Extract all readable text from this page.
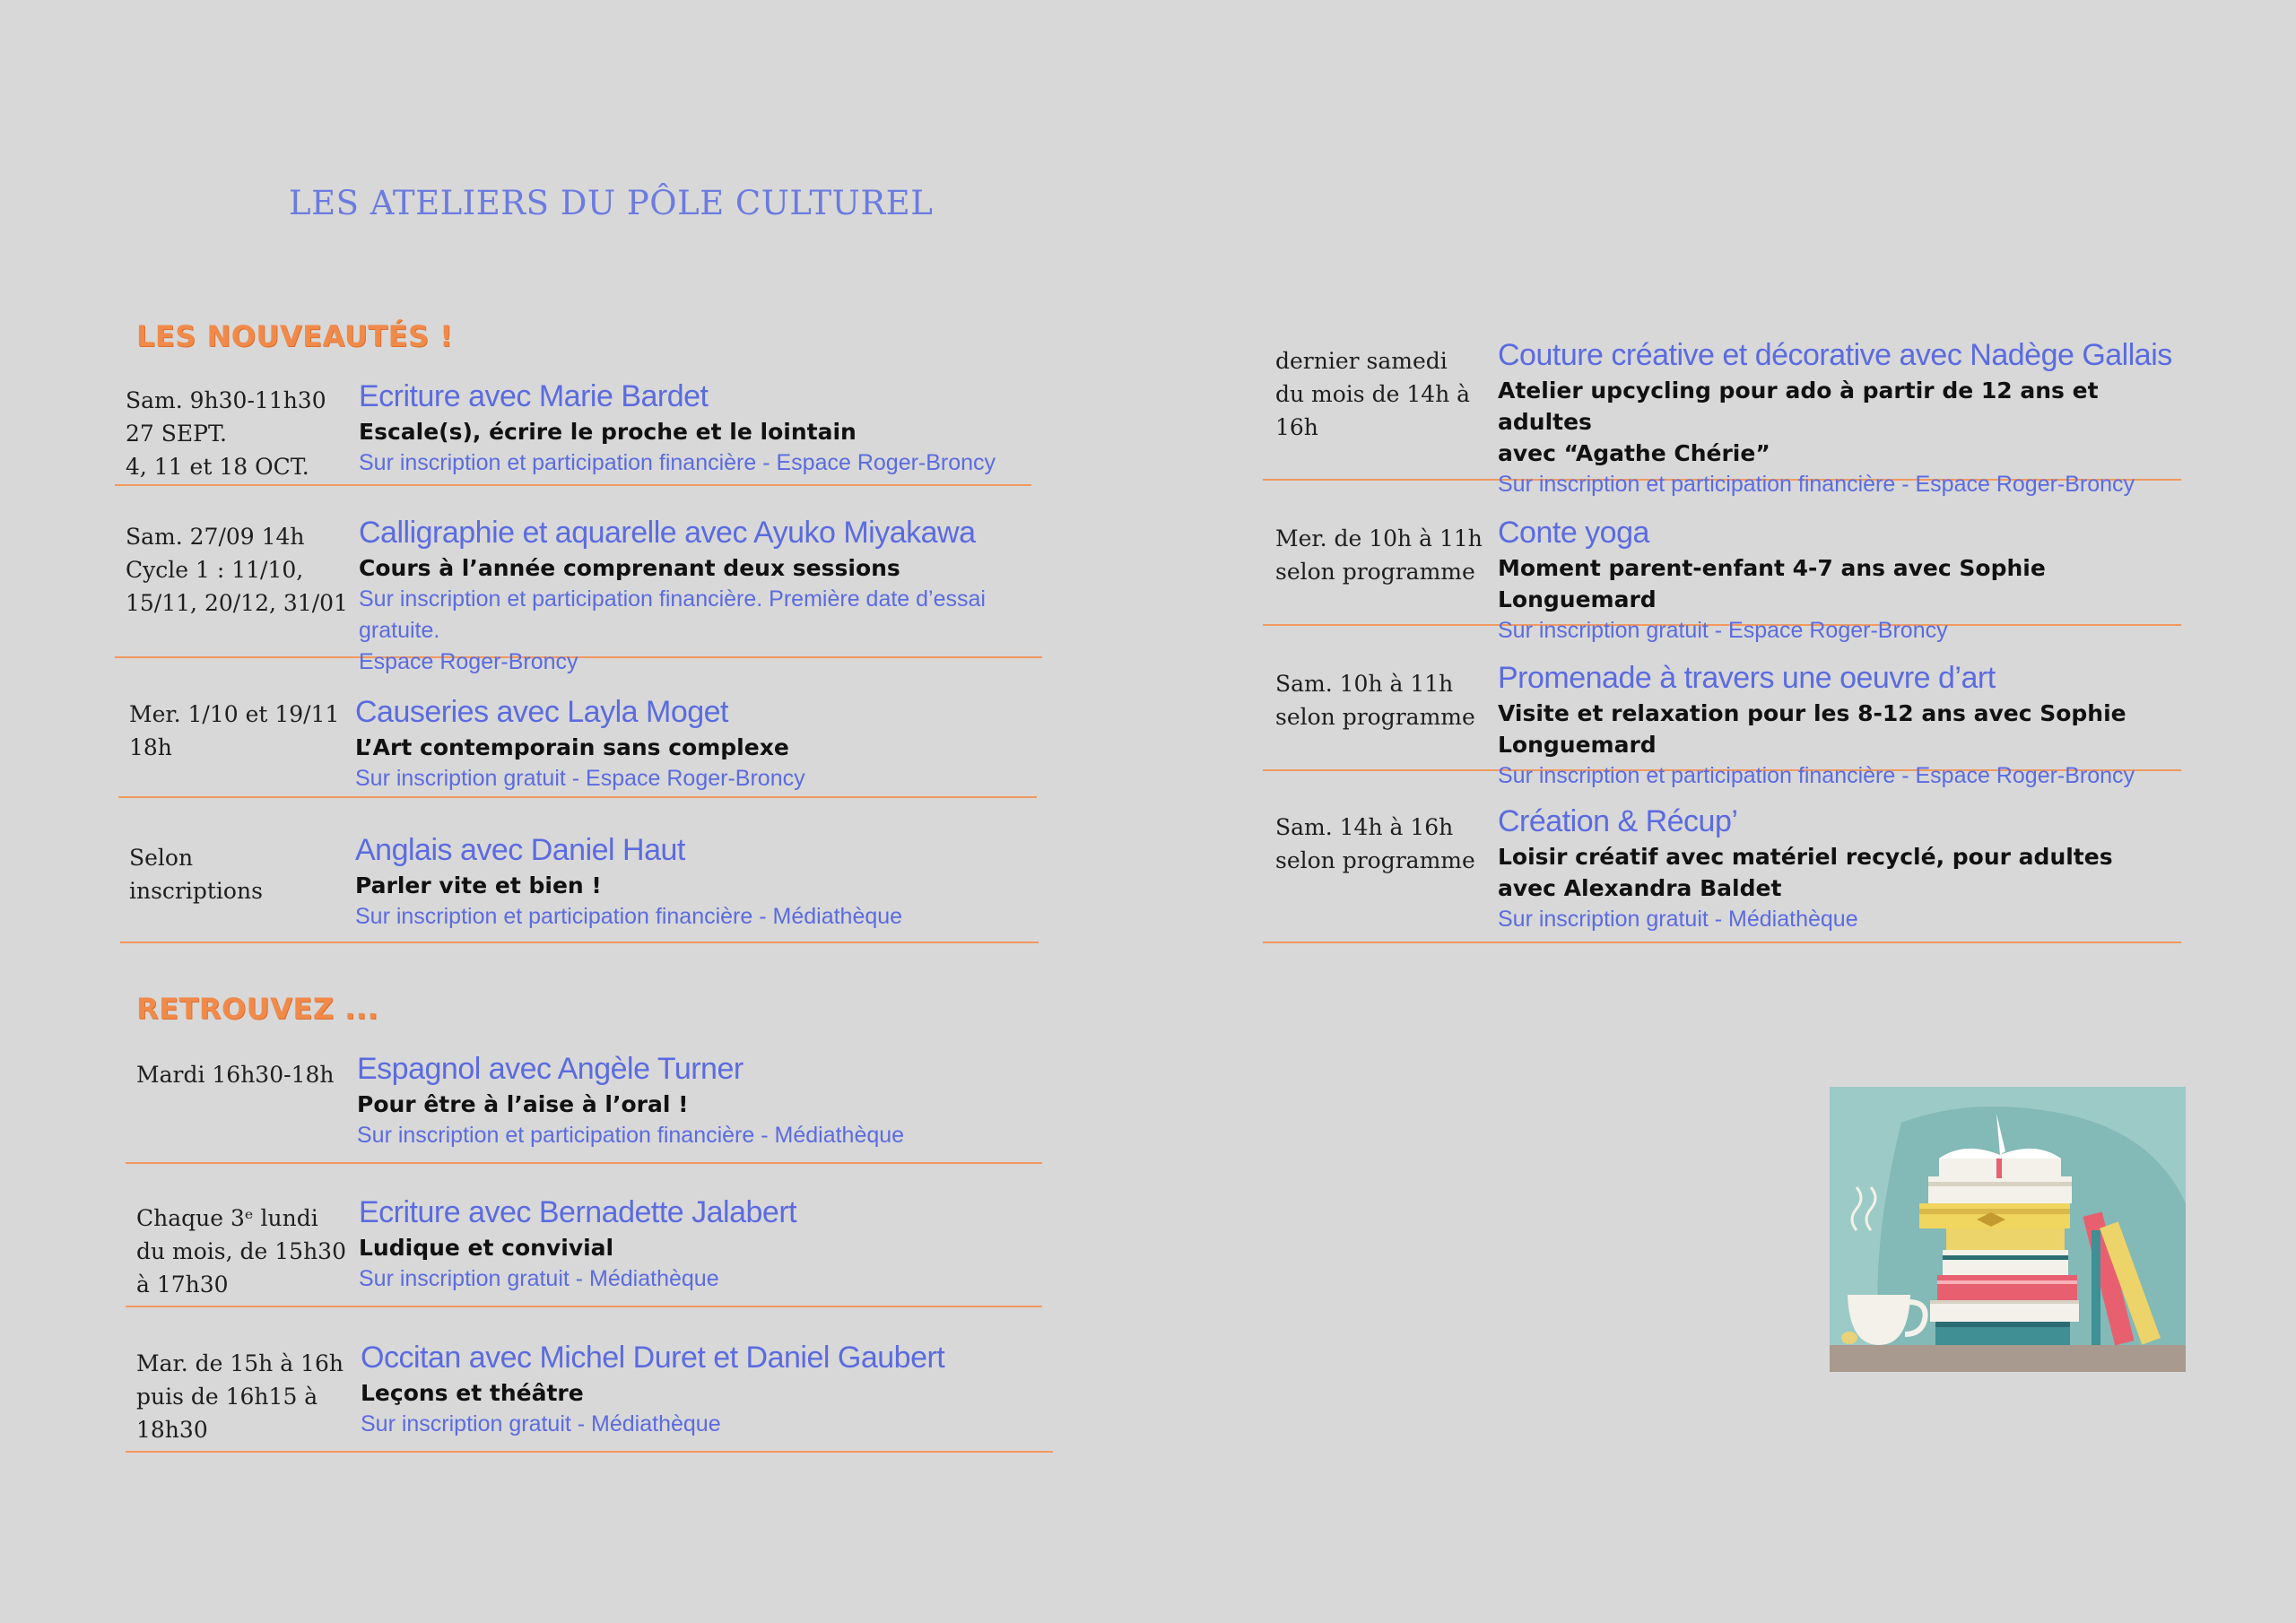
LES ATELIERS DU PÔLE CULTUREL
LES NOUVEAUTÉS !
RETROUVEZ ...
Sam. 9h30-11h30
27 SEPT.
4, 11 et 18 OCT.
Ecriture avec Marie Bardet
Escale(s), écrire le proche et le lointain
Sur inscription et participation financière - Espace Roger-Broncy
Sam. 27/09 14h
Cycle 1 : 11/10,
15/11, 20/12, 31/01
Calligraphie et aquarelle avec Ayuko Miyakawa
Cours à l’année comprenant deux sessions
Sur inscription et participation financière. Première date d’essai gratuite.
Espace Roger-Broncy
Mer. 1/10 et 19/11
18h
Causeries avec Layla Moget
L’Art contemporain sans complexe
Sur inscription gratuit - Espace Roger-Broncy
Selon
inscriptions
Anglais avec Daniel Haut
Parler vite et bien !
Sur inscription et participation financière - Médiathèque
Mardi 16h30-18h Espagnol avec Angèle Turner
Pour être à l’aise à l’oral !
Sur inscription et participation financière - Médiathèque
Chaque 3ᵉ lundi
du mois, de 15h30
à 17h30
Ecriture avec Bernadette Jalabert
Ludique et convivial
Sur inscription gratuit - Médiathèque
Mar. de 15h à 16h
puis de 16h15 à
18h30
Occitan avec Michel Duret et Daniel Gaubert
Leçons et théâtre
Sur inscription gratuit - Médiathèque
dernier samedi
du mois de 14h à
16h
Couture créative et décorative avec Nadège Gallais
Atelier upcycling pour ado à partir de 12 ans et adultes
avec “Agathe Chérie”
Sur inscription et participation financière - Espace Roger-Broncy
Mer. de 10h à 11h
selon programme
Conte yoga
Moment parent-enfant 4-7 ans avec Sophie Longuemard
Sur inscription gratuit - Espace Roger-Broncy
Sam. 10h à 11h
selon programme
Promenade à travers une oeuvre d’art
Visite et relaxation pour les 8-12 ans avec Sophie Longuemard
Sur inscription et participation financière - Espace Roger-Broncy
Sam. 14h à 16h
selon programme
Création & Récup’
Loisir créatif avec matériel recyclé, pour adultes
avec Alexandra Baldet
Sur inscription gratuit - Médiathèque
